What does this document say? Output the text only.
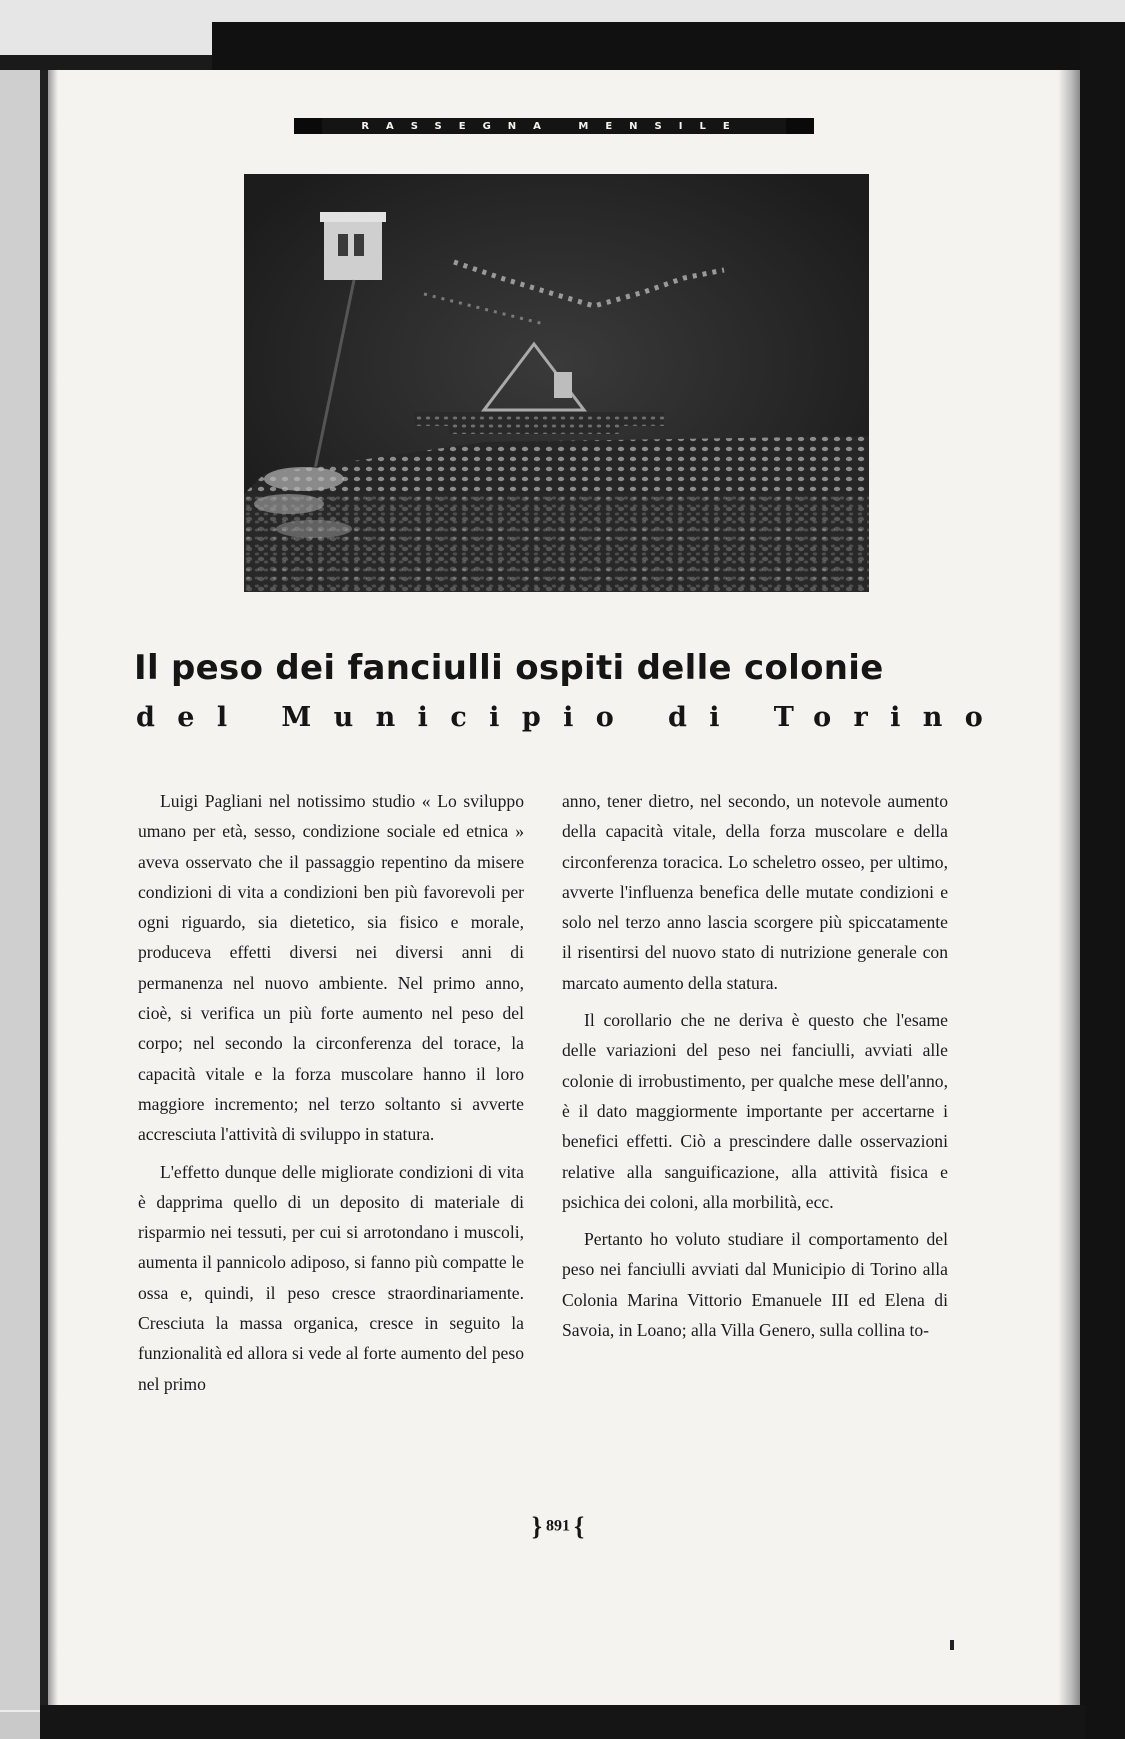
RASSEGNA MENSILE
Il peso dei fanciulli ospiti delle colonie
del Municipio di Torino

Luigi Pagliani nel notissimo studio « Lo sviluppo umano per età, sesso, condizione sociale ed etnica » aveva osservato che il passaggio repentino da misere condizioni di vita a condizioni ben più favorevoli per ogni riguardo, sia dietetico, sia fisico e morale, produceva effetti diversi nei diversi anni di permanenza nel nuovo ambiente. Nel primo anno, cioè, si verifica un più forte aumento nel peso del corpo; nel secondo la circonferenza del torace, la capacità vitale e la forza muscolare hanno il loro maggiore incremento; nel terzo soltanto si avverte accresciuta l'attività di sviluppo in statura.

L'effetto dunque delle migliorate condizioni di vita è dapprima quello di un deposito di materiale di risparmio nei tessuti, per cui si arrotondano i muscoli, aumenta il pannicolo adiposo, si fanno più compatte le ossa e, quindi, il peso cresce straordinariamente. Cresciuta la massa organica, cresce in seguito la funzionalità ed allora si vede al forte aumento del peso nel primo

anno, tener dietro, nel secondo, un notevole aumento della capacità vitale, della forza muscolare e della circonferenza toracica. Lo scheletro osseo, per ultimo, avverte l'influenza benefica delle mutate condizioni e solo nel terzo anno lascia scorgere più spiccatamente il risentirsi del nuovo stato di nutrizione generale con marcato aumento della statura.

Il corollario che ne deriva è questo che l'esame delle variazioni del peso nei fanciulli, avviati alle colonie di irrobustimento, per qualche mese dell'anno, è il dato maggiormente importante per accertarne i benefici effetti. Ciò a prescindere dalle osservazioni relative alla sanguificazione, alla attività fisica e psichica dei coloni, alla morbilità, ecc.

Pertanto ho voluto studiare il comportamento del peso nei fanciulli avviati dal Municipio di Torino alla Colonia Marina Vittorio Emanuele III ed Elena di Savoia, in Loano; alla Villa Genero, sulla collina to-

} 891 {
